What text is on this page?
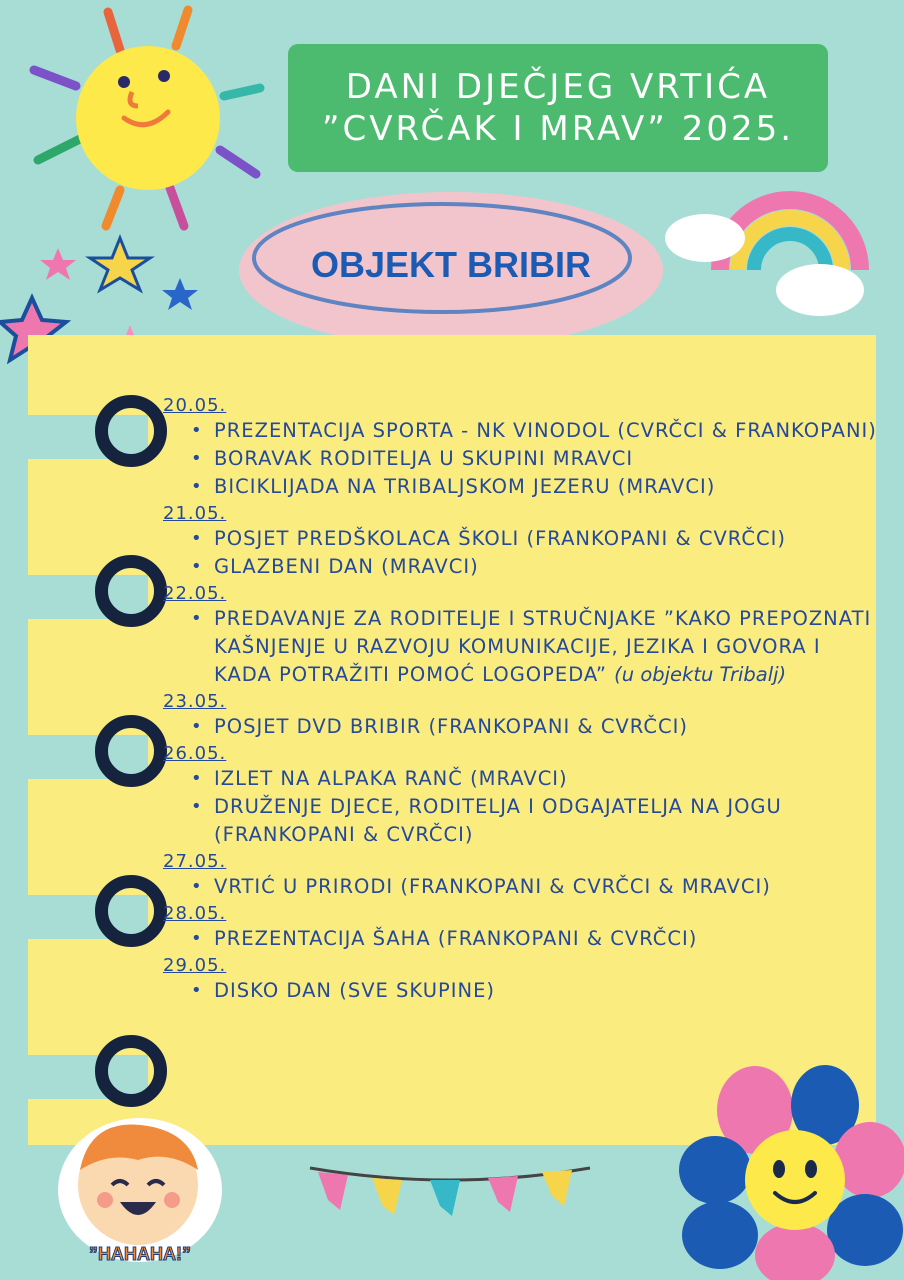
DANI DJEČJEG VRTIĆA
”CVRČAK I MRAV” 2025.
OBJEKT BRIBIR
20.05.
• PREZENTACIJA SPORTA - NK VINODOL (CVRČCI & FRANKOPANI)
• BORAVAK RODITELJA U SKUPINI MRAVCI
• BICIKLIJADA NA TRIBALJSKOM JEZERU (MRAVCI)
21.05.
• POSJET PREDŠKOLACA ŠKOLI (FRANKOPANI & CVRČCI)
• GLAZBENI DAN (MRAVCI)
22.05.
• PREDAVANJE ZA RODITELJE I STRUČNJAKE ”KAKO PREPOZNATI KAŠNJENJE U RAZVOJU KOMUNIKACIJE, JEZIKA I GOVORA I KADA POTRAŽITI POMOĆ LOGOPEDA” (u objektu Tribalj)
23.05.
• POSJET DVD BRIBIR (FRANKOPANI & CVRČCI)
26.05.
• IZLET NA ALPAKA RANČ (MRAVCI)
• DRUŽENJE DJECE, RODITELJA I ODGAJATELJA NA JOGU (FRANKOPANI & CVRČCI)
27.05.
• VRTIĆ U PRIRODI (FRANKOPANI & CVRČCI & MRAVCI)
28.05.
• PREZENTACIJA ŠAHA (FRANKOPANI & CVRČCI)
29.05.
• DISKO DAN (SVE SKUPINE)
”HAHAHA!”
